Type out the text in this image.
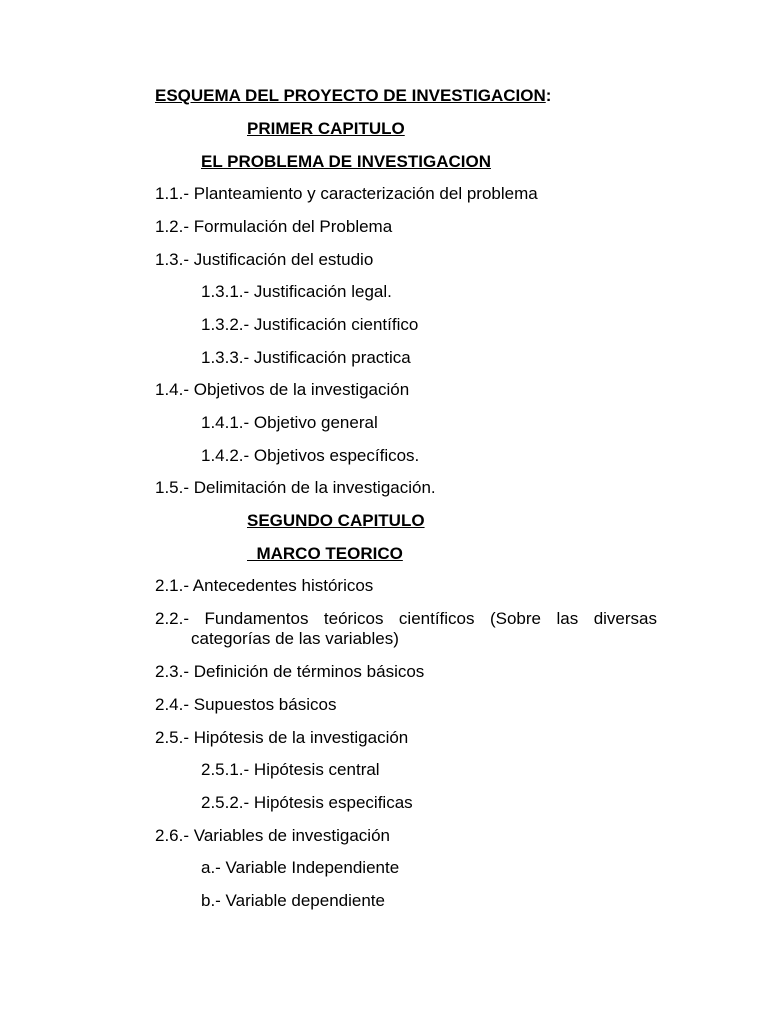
ESQUEMA DEL PROYECTO DE INVESTIGACION:
PRIMER CAPITULO
EL PROBLEMA DE INVESTIGACION
1.1.- Planteamiento y caracterización del problema
1.2.- Formulación del Problema
1.3.- Justificación del estudio
1.3.1.- Justificación legal.
1.3.2.- Justificación científico
1.3.3.- Justificación practica
1.4.- Objetivos de la investigación
1.4.1.- Objetivo general
1.4.2.- Objetivos específicos.
1.5.- Delimitación de la investigación.
SEGUNDO CAPITULO
MARCO TEORICO
2.1.- Antecedentes históricos
2.2.- Fundamentos teóricos científicos (Sobre las diversas
categorías de las variables)
2.3.- Definición de términos básicos
2.4.- Supuestos básicos
2.5.- Hipótesis de la investigación
2.5.1.- Hipótesis central
2.5.2.- Hipótesis especificas
2.6.- Variables de investigación
a.- Variable Independiente
b.- Variable dependiente
